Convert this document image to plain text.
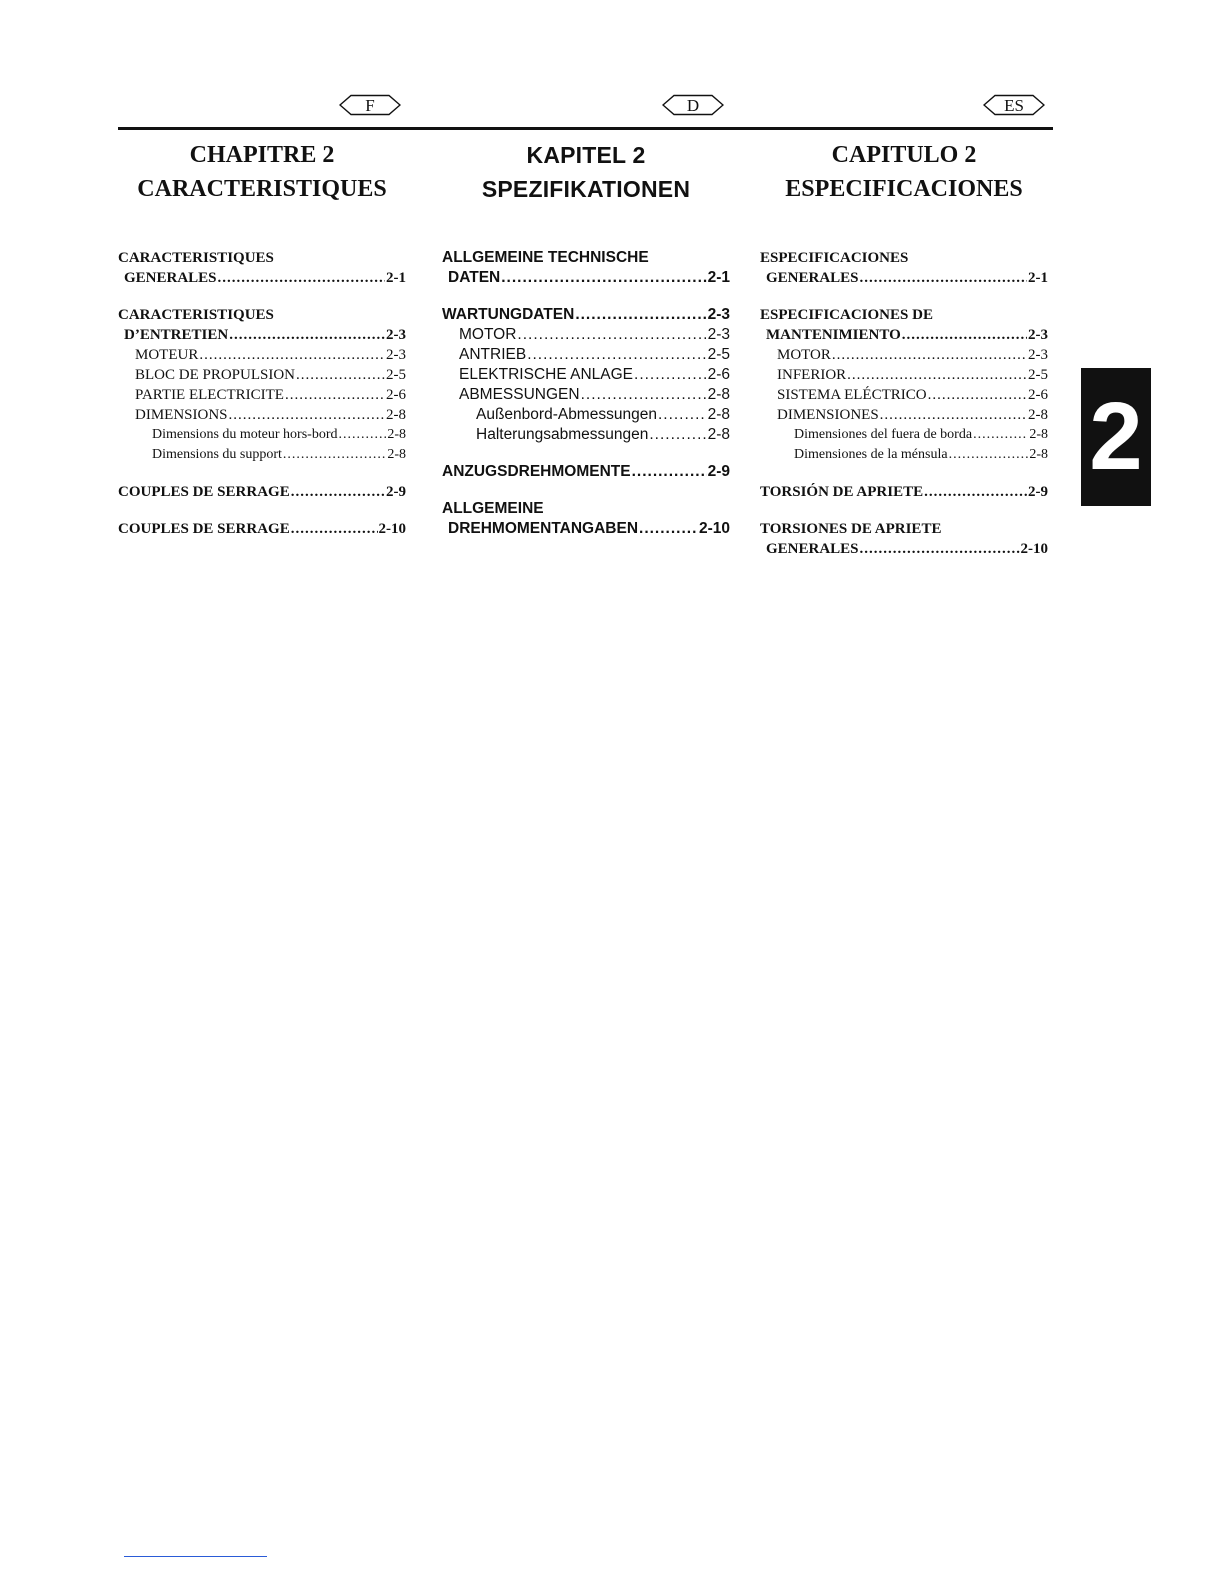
F	D	ES
CHAPITRE 2
CARACTERISTIQUES
CARACTERISTIQUES
GENERALES .....	2-1
CARACTERISTIQUES
D’ENTRETIEN .....	2-3
MOTEUR .....	2-3
BLOC DE PROPULSION .....	2-5
PARTIE ELECTRICITE .....	2-6
DIMENSIONS .....	2-8
Dimensions du moteur hors-bord .....	2-8
Dimensions du support .....	2-8
COUPLES DE SERRAGE .....	2-9
COUPLES DE SERRAGE .....	2-10
KAPITEL 2
SPEZIFIKATIONEN
ALLGEMEINE TECHNISCHE
DATEN .....	2-1
WARTUNGDATEN .....	2-3
MOTOR .....	2-3
ANTRIEB .....	2-5
ELEKTRISCHE ANLAGE .....	2-6
ABMESSUNGEN .....	2-8
Außenbord-Abmessungen .....	2-8
Halterungsabmessungen .....	2-8
ANZUGSDREHMOMENTE .....	2-9
ALLGEMEINE
DREHMOMENTANGABEN .....	2-10
CAPITULO 2
ESPECIFICACIONES
ESPECIFICACIONES
GENERALES .....	2-1
ESPECIFICACIONES DE
MANTENIMIENTO .....	2-3
MOTOR .....	2-3
INFERIOR .....	2-5
SISTEMA ELÉCTRICO .....	2-6
DIMENSIONES .....	2-8
Dimensiones del fuera de borda .....	2-8
Dimensiones de la ménsula .....	2-8
TORSIÓN DE APRIETE .....	2-9
TORSIONES DE APRIETE
GENERALES .....	2-10
2
